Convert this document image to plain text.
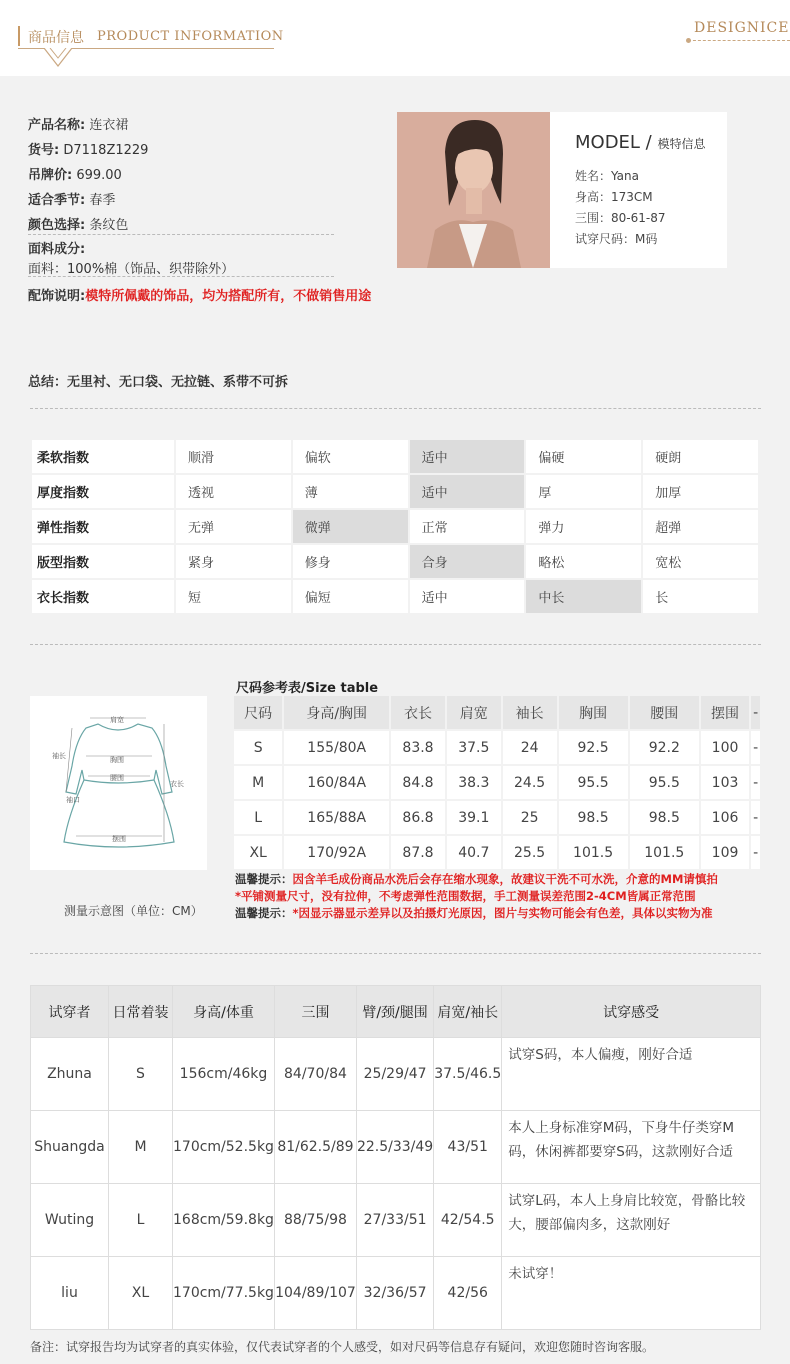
商品信息 PRODUCT INFORMATION
DESIGNICE
产品名称: 连衣裙
货号: D7118Z1229
吊牌价: 699.00
适合季节: 春季
颜色选择: 条纹色
面料成分:
面料：100%棉（饰品、织带除外）
配饰说明:模特所佩戴的饰品，均为搭配所有，不做销售用途
MODEL / 模特信息
姓名：Yana
身高：173CM
三围：80-61-87
试穿尺码：M码
总结：无里衬、无口袋、无拉链、系带不可拆
柔软指数	顺滑	偏软	适中	偏硬	硬朗
厚度指数	透视	薄	适中	厚	加厚
弹性指数	无弹	微弹	正常	弹力	超弹
版型指数	紧身	修身	合身	略松	宽松
衣长指数	短	偏短	适中	中长	长
肩宽
胸围
腰围
衣长
袖长
袖口
摆围
测量示意图（单位：CM）
尺码参考表/Size table
尺码	身高/胸围	衣长	肩宽	袖长	胸围	腰围	摆围	-
S	155/80A	83.8	37.5	24	92.5	92.2	100	-
M	160/84A	84.8	38.3	24.5	95.5	95.5	103	-
L	165/88A	86.8	39.1	25	98.5	98.5	106	-
XL	170/92A	87.8	40.7	25.5	101.5	101.5	109	-
温馨提示：因含羊毛成份商品水洗后会存在缩水现象，故建议干洗不可水洗，介意的MM请慎拍
*平铺测量尺寸，没有拉伸，不考虑弹性范围数据，手工测量误差范围2-4CM皆属正常范围
温馨提示：*因显示器显示差异以及拍摄灯光原因，图片与实物可能会有色差，具体以实物为准
试穿者	日常着装	身高/体重	三围	臂/颈/腿围	肩宽/袖长	试穿感受
Zhuna	S	156cm/46kg	84/70/84	25/29/47	37.5/46.5	试穿S码，本人偏瘦，刚好合适
Shuangda	M	170cm/52.5kg	81/62.5/89	22.5/33/49	43/51	本人上身标准穿M码，下身牛仔类穿M码，休闲裤都要穿S码，这款刚好合适
Wuting	L	168cm/59.8kg	88/75/98	27/33/51	42/54.5	试穿L码，本人上身肩比较宽，骨骼比较大，腰部偏肉多，这款刚好
liu	XL	170cm/77.5kg	104/89/107	32/36/57	42/56	未试穿！
备注：试穿报告均为试穿者的真实体验，仅代表试穿者的个人感受，如对尺码等信息存有疑问，欢迎您随时咨询客服。
